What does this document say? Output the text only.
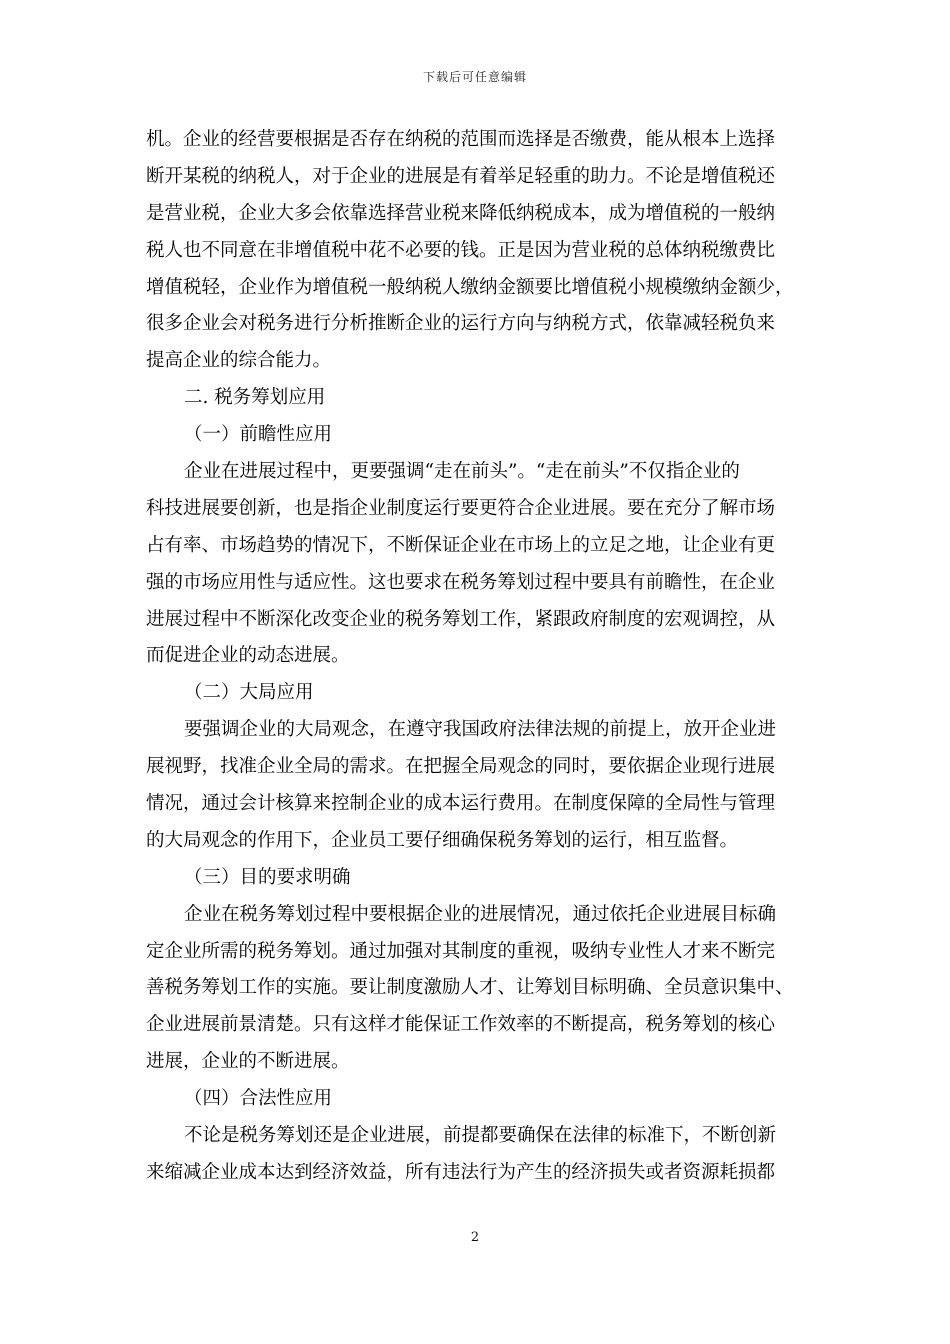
下载后可任意编辑
机。企业的经营要根据是否存在纳税的范围而选择是否缴费，能从根本上选择
断开某税的纳税人，对于企业的进展是有着举足轻重的助力。不论是增值税还
是营业税，企业大多会依靠选择营业税来降低纳税成本，成为增值税的一般纳
税人也不同意在非增值税中花不必要的钱。正是因为营业税的总体纳税缴费比
增值税轻，企业作为增值税一般纳税人缴纳金额要比增值税小规模缴纳金额少，
很多企业会对税务进行分析推断企业的运行方向与纳税方式，依靠减轻税负来
提高企业的综合能力。
二. 税务筹划应用
（一）前瞻性应用
企业在进展过程中，更要强调“走在前头”。“走在前头”不仅指企业的
科技进展要创新，也是指企业制度运行要更符合企业进展。要在充分了解市场
占有率、市场趋势的情况下，不断保证企业在市场上的立足之地，让企业有更
强的市场应用性与适应性。这也要求在税务筹划过程中要具有前瞻性，在企业
进展过程中不断深化改变企业的税务筹划工作，紧跟政府制度的宏观调控，从
而促进企业的动态进展。
（二）大局应用
要强调企业的大局观念，在遵守我国政府法律法规的前提上，放开企业进
展视野，找准企业全局的需求。在把握全局观念的同时，要依据企业现行进展
情况，通过会计核算来控制企业的成本运行费用。在制度保障的全局性与管理
的大局观念的作用下，企业员工要仔细确保税务筹划的运行，相互监督。
（三）目的要求明确
企业在税务筹划过程中要根据企业的进展情况，通过依托企业进展目标确
定企业所需的税务筹划。通过加强对其制度的重视，吸纳专业性人才来不断完
善税务筹划工作的实施。要让制度激励人才、让筹划目标明确、全员意识集中、
企业进展前景清楚。只有这样才能保证工作效率的不断提高，税务筹划的核心
进展，企业的不断进展。
（四）合法性应用
不论是税务筹划还是企业进展，前提都要确保在法律的标准下，不断创新
来缩减企业成本达到经济效益，所有违法行为产生的经济损失或者资源耗损都
2
